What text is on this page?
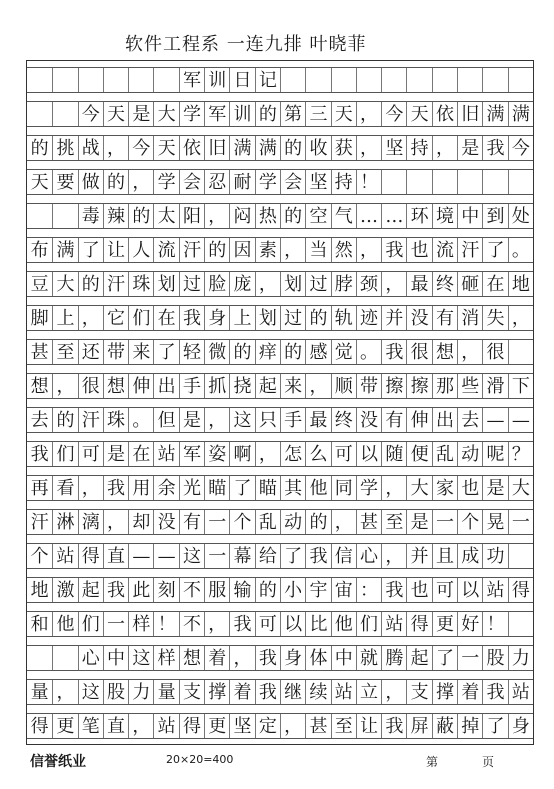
软件工程系 一连九排 叶晓菲
军 训 日 记
今 天 是 大 学 军 训 的 第 三 天 ， 今 天 依 旧 满 满
的 挑 战 ， 今 天 依 旧 满 满 的 收 获 ， 坚 持 ， 是 我 今
天 要 做 的 ， 学 会 忍 耐 学 会 坚 持 ！
毒 辣 的 太 阳 ， 闷 热 的 空 气 … … 环 境 中 到 处
布 满 了 让 人 流 汗 的 因 素 ， 当 然 ， 我 也 流 汗 了 。
豆 大 的 汗 珠 划 过 脸 庞 ， 划 过 脖 颈 ， 最 终 砸 在 地
脚 上 ， 它 们 在 我 身 上 划 过 的 轨 迹 并 没 有 消 失 ，
甚 至 还 带 来 了 轻 微 的 痒 的 感 觉 。 我 很 想 ， 很
想 ， 很 想 伸 出 手 抓 挠 起 来 ， 顺 带 擦 擦 那 些 滑 下
去 的 汗 珠 。 但 是 ， 这 只 手 最 终 没 有 伸 出 去 — —
我 们 可 是 在 站 军 姿 啊 ， 怎 么 可 以 随 便 乱 动 呢 ？
再 看 ， 我 用 余 光 瞄 了 瞄 其 他 同 学 ， 大 家 也 是 大
汗 淋 漓 ， 却 没 有 一 个 乱 动 的 ， 甚 至 是 一 个 晃 一
个 站 得 直 — — 这 一 幕 给 了 我 信 心 ， 并 且 成 功
地 激 起 我 此 刻 不 服 输 的 小 宇 宙 ： 我 也 可 以 站 得
和 他 们 一 样 ！ 不 ， 我 可 以 比 他 们 站 得 更 好 ！
心 中 这 样 想 着 ， 我 身 体 中 就 腾 起 了 一 股 力
量 ， 这 股 力 量 支 撑 着 我 继 续 站 立 ， 支 撑 着 我 站
得 更 笔 直 ， 站 得 更 坚 定 ， 甚 至 让 我 屏 蔽 掉 了 身
信誉纸业	20×20=400	第	页
